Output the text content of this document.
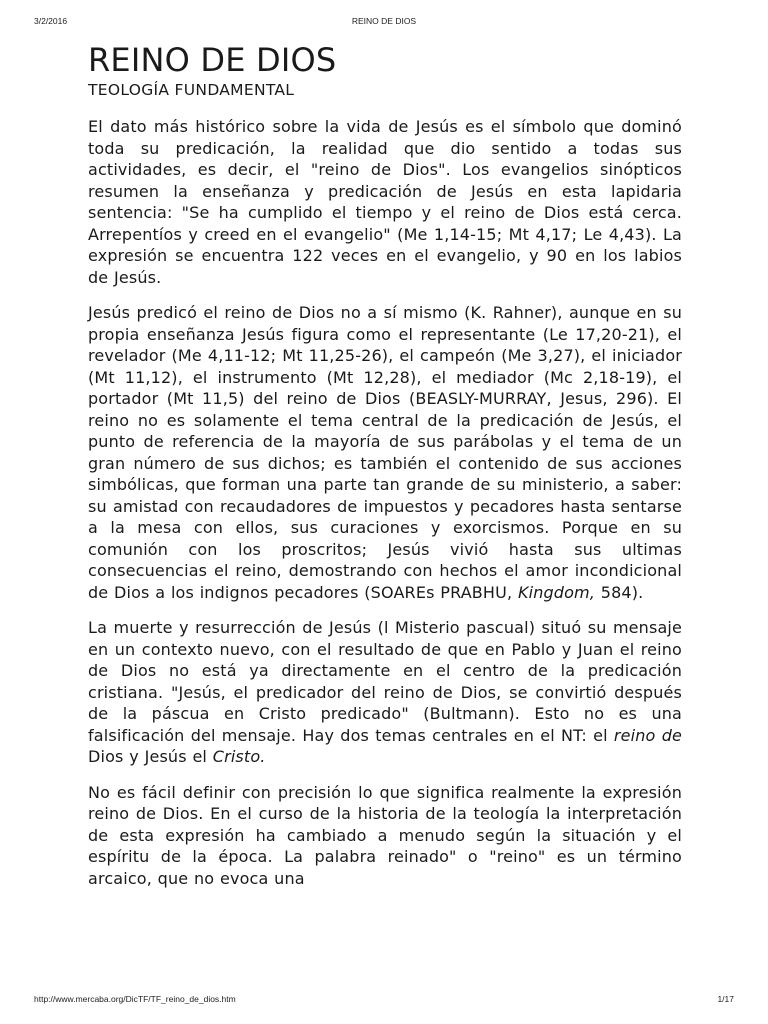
3/2/2016	REINO DE DIOS
REINO DE DIOS
TEOLOGÍA FUNDAMENTAL

El dato más histórico sobre la vida de Jesús es el símbolo que dominó toda su predicación, la realidad que dio sentido a todas sus actividades, es decir, el "reino de Dios". Los evangelios sinópticos resumen la enseñanza y predicación de Jesús en esta lapidaria sentencia: "Se ha cumplido el tiempo y el reino de Dios está cerca. Arrepentíos y creed en el evangelio" (Me 1,14-15; Mt 4,17; Le 4,43). La expresión se encuentra 122 veces en el evangelio, y 90 en los labios de Jesús.

Jesús predicó el reino de Dios no a sí mismo (K. Rahner), aunque en su propia enseñanza Jesús figura como el representante (Le 17,20-21), el revelador (Me 4,11-12; Mt 11,25-26), el campeón (Me 3,27), el iniciador (Mt 11,12), el instrumento (Mt 12,28), el mediador (Mc 2,18-19), el portador (Mt 11,5) del reino de Dios (BEASLY-MURRAY, Jesus, 296). El reino no es solamente el tema central de la predicación de Jesús, el punto de referencia de la mayoría de sus parábolas y el tema de un gran número de sus dichos; es también el contenido de sus acciones simbólicas, que forman una parte tan grande de su ministerio, a saber: su amistad con recaudadores de impuestos y pecadores hasta sentarse a la mesa con ellos, sus curaciones y exorcismos. Porque en su comunión con los proscritos; Jesús vivió hasta sus ultimas consecuencias el reino, demostrando con hechos el amor incondicional de Dios a los indignos pecadores (SOAREs PRABHU, Kingdom, 584).

La muerte y resurrección de Jesús (l Misterio pascual) situó su mensaje en un contexto nuevo, con el resultado de que en Pablo y Juan el reino de Dios no está ya directamente en el centro de la predicación cristiana. "Jesús, el predicador del reino de Dios, se convirtió después de la páscua en Cristo predicado" (Bultmann). Esto no es una falsificación del mensaje. Hay dos temas centrales en el NT: el reino de Dios y Jesús el Cristo.

No es fácil definir con precisión lo que significa realmente la expresión reino de Dios. En el curso de la historia de la teología la interpretación de esta expresión ha cambiado a menudo según la situación y el espíritu de la época. La palabra reinado" o "reino" es un término arcaico, que no evoca una

http://www.mercaba.org/DicTF/TF_reino_de_dios.htm	1/17
